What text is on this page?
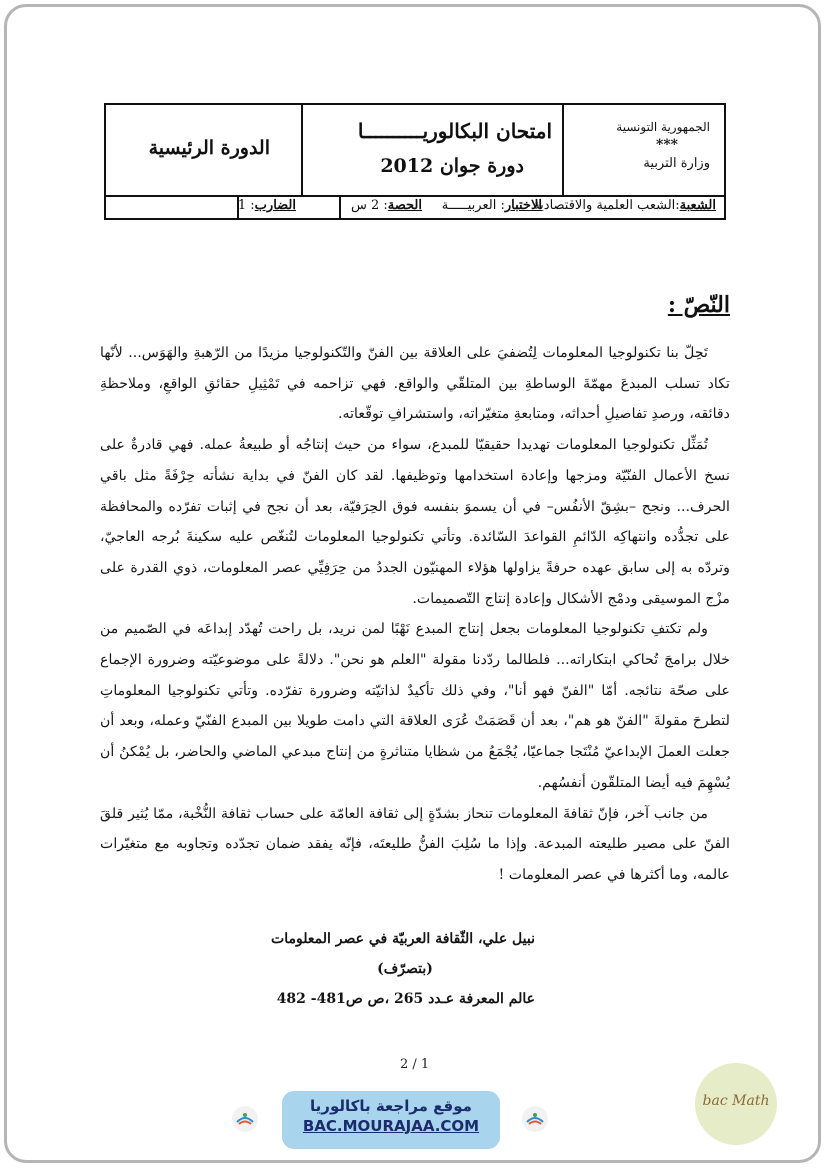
الجمهورية التونسية
***
وزارة التربية
امتحان البكالوريــــــــــا
دورة جوان 2012
الدورة الرئيسية
الشعبة:الشعب العلمية والاقتصادية
الاختبار: العربيـــــة
الحصة: 2 س
الضارب: 1
النّصّ :

تَحِلّ بنا تكنولوجيا المعلومات لِتُضفيَ على العلاقة بين الفنّ والتّكنولوجيا مزيدًا من الرّهبةِ والهَوَس... لأنّها تكاد تسلب المبدعَ مهمّةَ الوساطةِ بين المتلقّي والواقع. فهي تزاحمه في تَمْثِيلِ حقائقِ الواقعِ، وملاحظةِ دقائقه، ورصدِ تفاصيلِ أحداثه، ومتابعةِ متغيّراته، واستشرافِ توقّعاته.

تُمَثِّل تكنولوجيا المعلومات تهديدا حقيقيّا للمبدع، سواء من حيث إنتاجُه أو طبيعةُ عمله. فهي قادرةٌ على نسخ الأعمال الفنّيّة ومزجها وإعادة استخدامها وتوظيفها. لقد كان الفنّ في بداية نشأته حِرْفَةً مثل باقي الحرف... ونجح –بشِقّ الأنفُس– في أن يسموَ بنفسه فوق الحِرَفيّة، بعد أن نجح في إثبات تفرّده والمحافظة على تجدُّده وانتهاكِه الدّائمِ القواعدَ السّائدة. وتأتي تكنولوجيا المعلومات لتُنغّص عليه سكينةَ بُرجه العاجيّ، وتردّه به إلى سابق عهده حرفةً يزاولها هؤلاء المهنيّون الجددُ من حِرَفِيِّي عصر المعلومات، ذوي القدرة على مزْج الموسيقى ودمْج الأشكال وإعادة إنتاج التّصميمات.

ولم تكتفِ تكنولوجيا المعلومات بجعل إنتاج المبدع نَهْبًا لمن نريد، بل راحت تُهدّد إبداعَه في الصّميم من خلال برامجَ تُحاكي ابتكاراته... فلطالما ردّدنا مقولة "العلم هو نحن". دلالةً على موضوعيّته وضرورة الإجماع على صحّة نتائجه. أمّا "الفنّ فهو أنا"، وفي ذلك تأكيدٌ لذاتيّته وضرورة تفرّده. وتأتي تكنولوجيا المعلوماتِ لتطرحَ مقولةَ "الفنّ هو هم"، بعد أن قَصَمَتْ عُرَى العلاقة التي دامت طويلا بين المبدع الفنّيّ وعمله، وبعد أن جعلت العملَ الإبداعيّ مُنْتَجا جماعيّا، يُجْمَعُ من شظايا متناثرةٍ من إنتاج مبدعي الماضي والحاضر، بل يُمْكنُ أن يُسْهِمَ فيه أيضا المتلقّون أنفسُهم.

من جانب آخر، فإنّ ثقافةَ المعلومات تنحاز بشدّةٍ إلى ثقافة العامّة على حساب ثقافة النُّخْبة، ممّا يُثير قلقَ الفنّ على مصير طليعته المبدعة. وإذا ما سُلِبَ الفنُّ طليعتَه، فإنّه يفقد ضمان تجدّده وتجاوبه مع متغيّرات عالمه، وما أكثرها في عصر المعلومات !

نبيل علي، الثّقافة العربيّة في عصر المعلومات
(بتصرّف)
عالم المعرفة عـدد 265 ،ص ص481- 482
2 / 1
موقع مراجعة باكالوريا
BAC.MOURAJAA.COM
bac Math
